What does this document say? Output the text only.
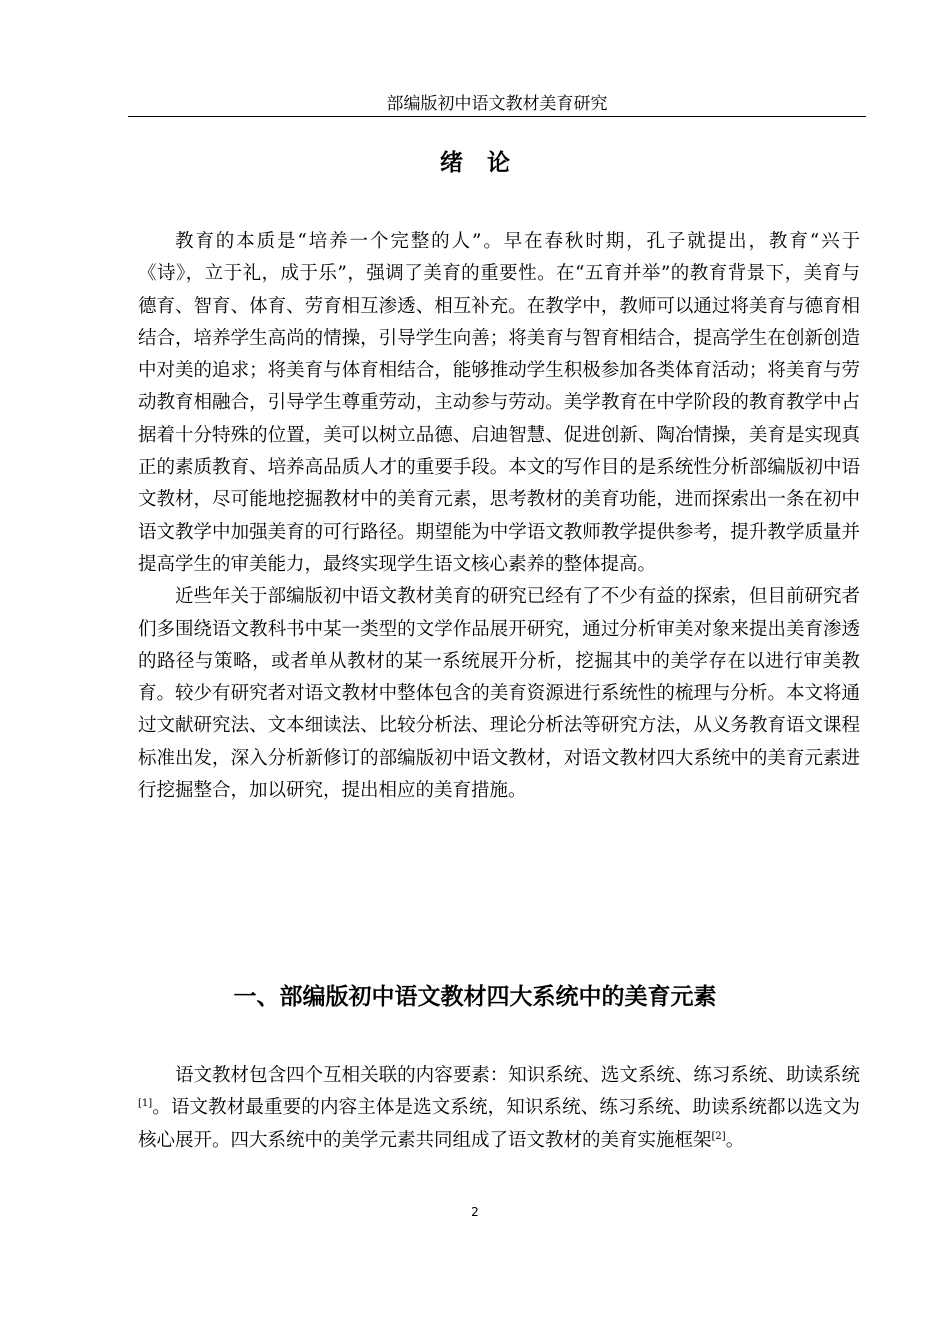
部编版初中语文教材美育研究
绪论

教育的本质是“培养一个完整的人”。早在春秋时期，孔子就提出，教育“兴于《诗》，立于礼，成于乐”，强调了美育的重要性。在“五育并举”的教育背景下，美育与德育、智育、体育、劳育相互渗透、相互补充。在教学中，教师可以通过将美育与德育相结合，培养学生高尚的情操，引导学生向善；将美育与智育相结合，提高学生在创新创造中对美的追求；将美育与体育相结合，能够推动学生积极参加各类体育活动；将美育与劳动教育相融合，引导学生尊重劳动，主动参与劳动。美学教育在中学阶段的教育教学中占据着十分特殊的位置，美可以树立品德、启迪智慧、促进创新、陶冶情操，美育是实现真正的素质教育、培养高品质人才的重要手段。本文的写作目的是系统性分析部编版初中语文教材，尽可能地挖掘教材中的美育元素，思考教材的美育功能，进而探索出一条在初中语文教学中加强美育的可行路径。期望能为中学语文教师教学提供参考，提升教学质量并提高学生的审美能力，最终实现学生语文核心素养的整体提高。

近些年关于部编版初中语文教材美育的研究已经有了不少有益的探索，但目前研究者们多围绕语文教科书中某一类型的文学作品展开研究，通过分析审美对象来提出美育渗透的路径与策略，或者单从教材的某一系统展开分析，挖掘其中的美学存在以进行审美教育。较少有研究者对语文教材中整体包含的美育资源进行系统性的梳理与分析。本文将通过文献研究法、文本细读法、比较分析法、理论分析法等研究方法，从义务教育语文课程标准出发，深入分析新修订的部编版初中语文教材，对语文教材四大系统中的美育元素进行挖掘整合，加以研究，提出相应的美育措施。

一、部编版初中语文教材四大系统中的美育元素

语文教材包含四个互相关联的内容要素：知识系统、选文系统、练习系统、助读系统[1]。语文教材最重要的内容主体是选文系统，知识系统、练习系统、助读系统都以选文为核心展开。四大系统中的美学元素共同组成了语文教材的美育实施框架[2]。

2
